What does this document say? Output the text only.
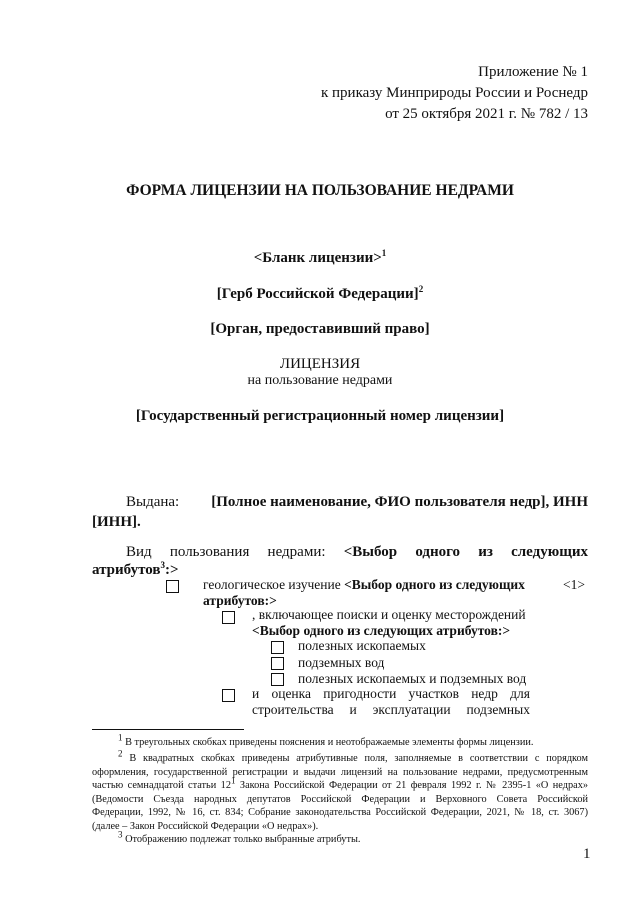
Приложение № 1
к приказу Минприроды России и Роснедр
от 25 октября 2021 г. № 782 / 13
ФОРМА ЛИЦЕНЗИИ НА ПОЛЬЗОВАНИЕ НЕДРАМИ
<Бланк лицензии>$^1$
[Герб Российской Федерации]$^2$
[Орган, предоставивший право]
ЛИЦЕНЗИЯ
на пользование недрами
[Государственный регистрационный номер лицензии]
Выдана: [Полное наименование, ФИО пользователя недр], ИНН
[ИНН].
Вид пользования недрами: <Выбор одного из следующих
атрибутов$^3$:>
геологическое изучение <Выбор одного из следующих	<1>
атрибутов:>
, включающее поиски и оценку месторождений
<Выбор одного из следующих атрибутов:>
полезных ископаемых
подземных вод
полезных ископаемых и подземных вод
и оценка пригодности участков недр для
строительства и эксплуатации подземных
$^1$ В треугольных скобках приведены пояснения и неотображаемые элементы формы лицензии.
$^2$ В квадратных скобках приведены атрибутивные поля, заполняемые в соответствии с порядком
оформления, государственной регистрации и выдачи лицензий на пользование недрами, предусмотренным
частью семнадцатой статьи $12^1$ Закона Российской Федерации от 21 февраля 1992 г. № 2395-1 «О недрах»
(Ведомости Съезда народных депутатов Российской Федерации и Верховного Совета Российской
Федерации, 1992, № 16, ст. 834; Собрание законодательства Российской Федерации, 2021, № 18, ст. 3067)
(далее – Закон Российской Федерации «О недрах»).
$^3$ Отображению подлежат только выбранные атрибуты.
1
